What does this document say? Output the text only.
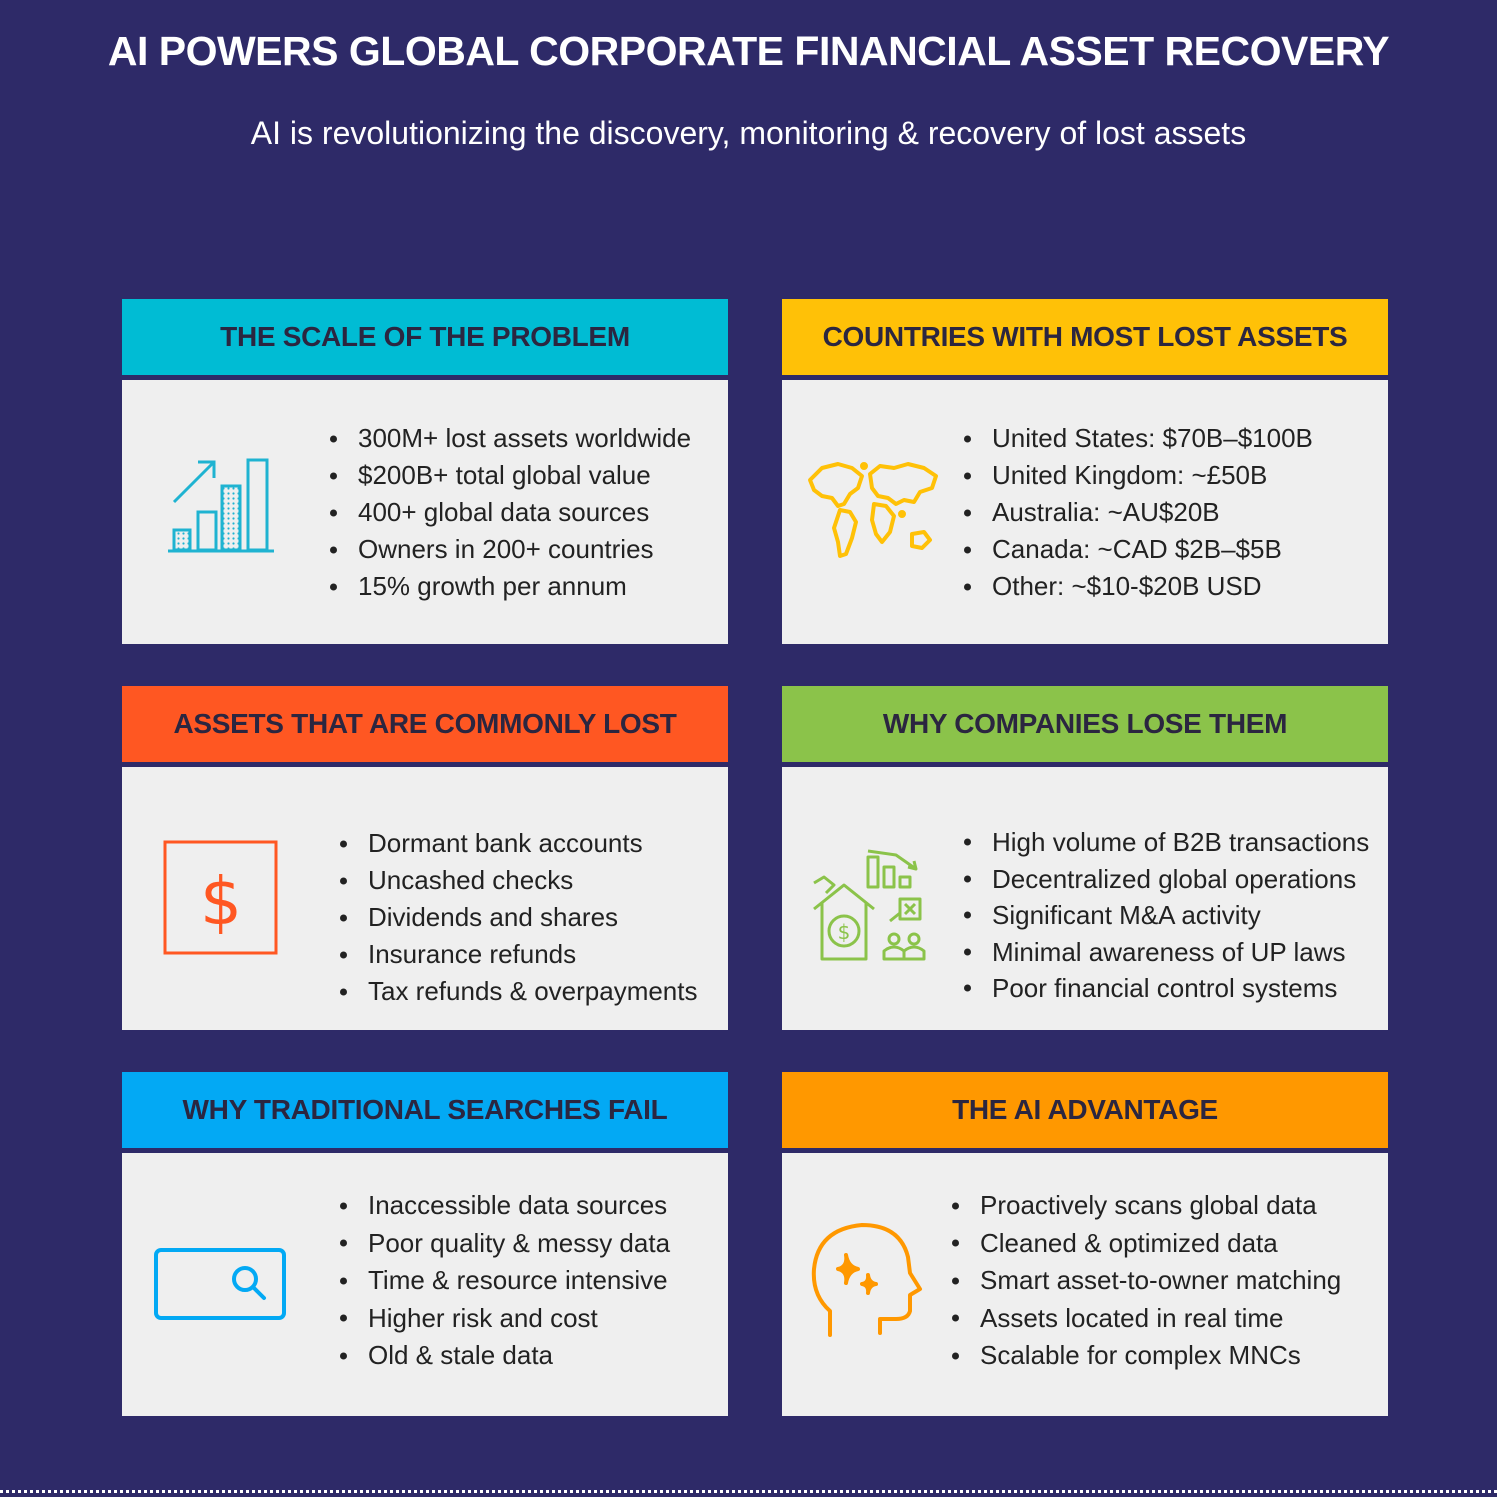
AI POWERS GLOBAL CORPORATE FINANCIAL ASSET RECOVERY

AI is revolutionizing the discovery, monitoring & recovery of lost assets

THE SCALE OF THE PROBLEM
300M+ lost assets worldwide
$200B+ total global value
400+ global data sources
Owners in 200+ countries
15% growth per annum
COUNTRIES WITH MOST LOST ASSETS
United States: $70B–$100B
United Kingdom: ~£50B
Australia: ~AU$20B
Canada: ~CAD $2B–$5B
Other: ~$10-$20B USD
ASSETS THAT ARE COMMONLY LOST
$
Dormant bank accounts
Uncashed checks
Dividends and shares
Insurance refunds
Tax refunds & overpayments
WHY COMPANIES LOSE THEM
$
High volume of B2B transactions
Decentralized global operations
Significant M&A activity
Minimal awareness of UP laws
Poor financial control systems
WHY TRADITIONAL SEARCHES FAIL
Inaccessible data sources
Poor quality & messy data
Time & resource intensive
Higher risk and cost
Old & stale data
THE AI ADVANTAGE
Proactively scans global data
Cleaned & optimized data
Smart asset-to-owner matching
Assets located in real time
Scalable for complex MNCs
